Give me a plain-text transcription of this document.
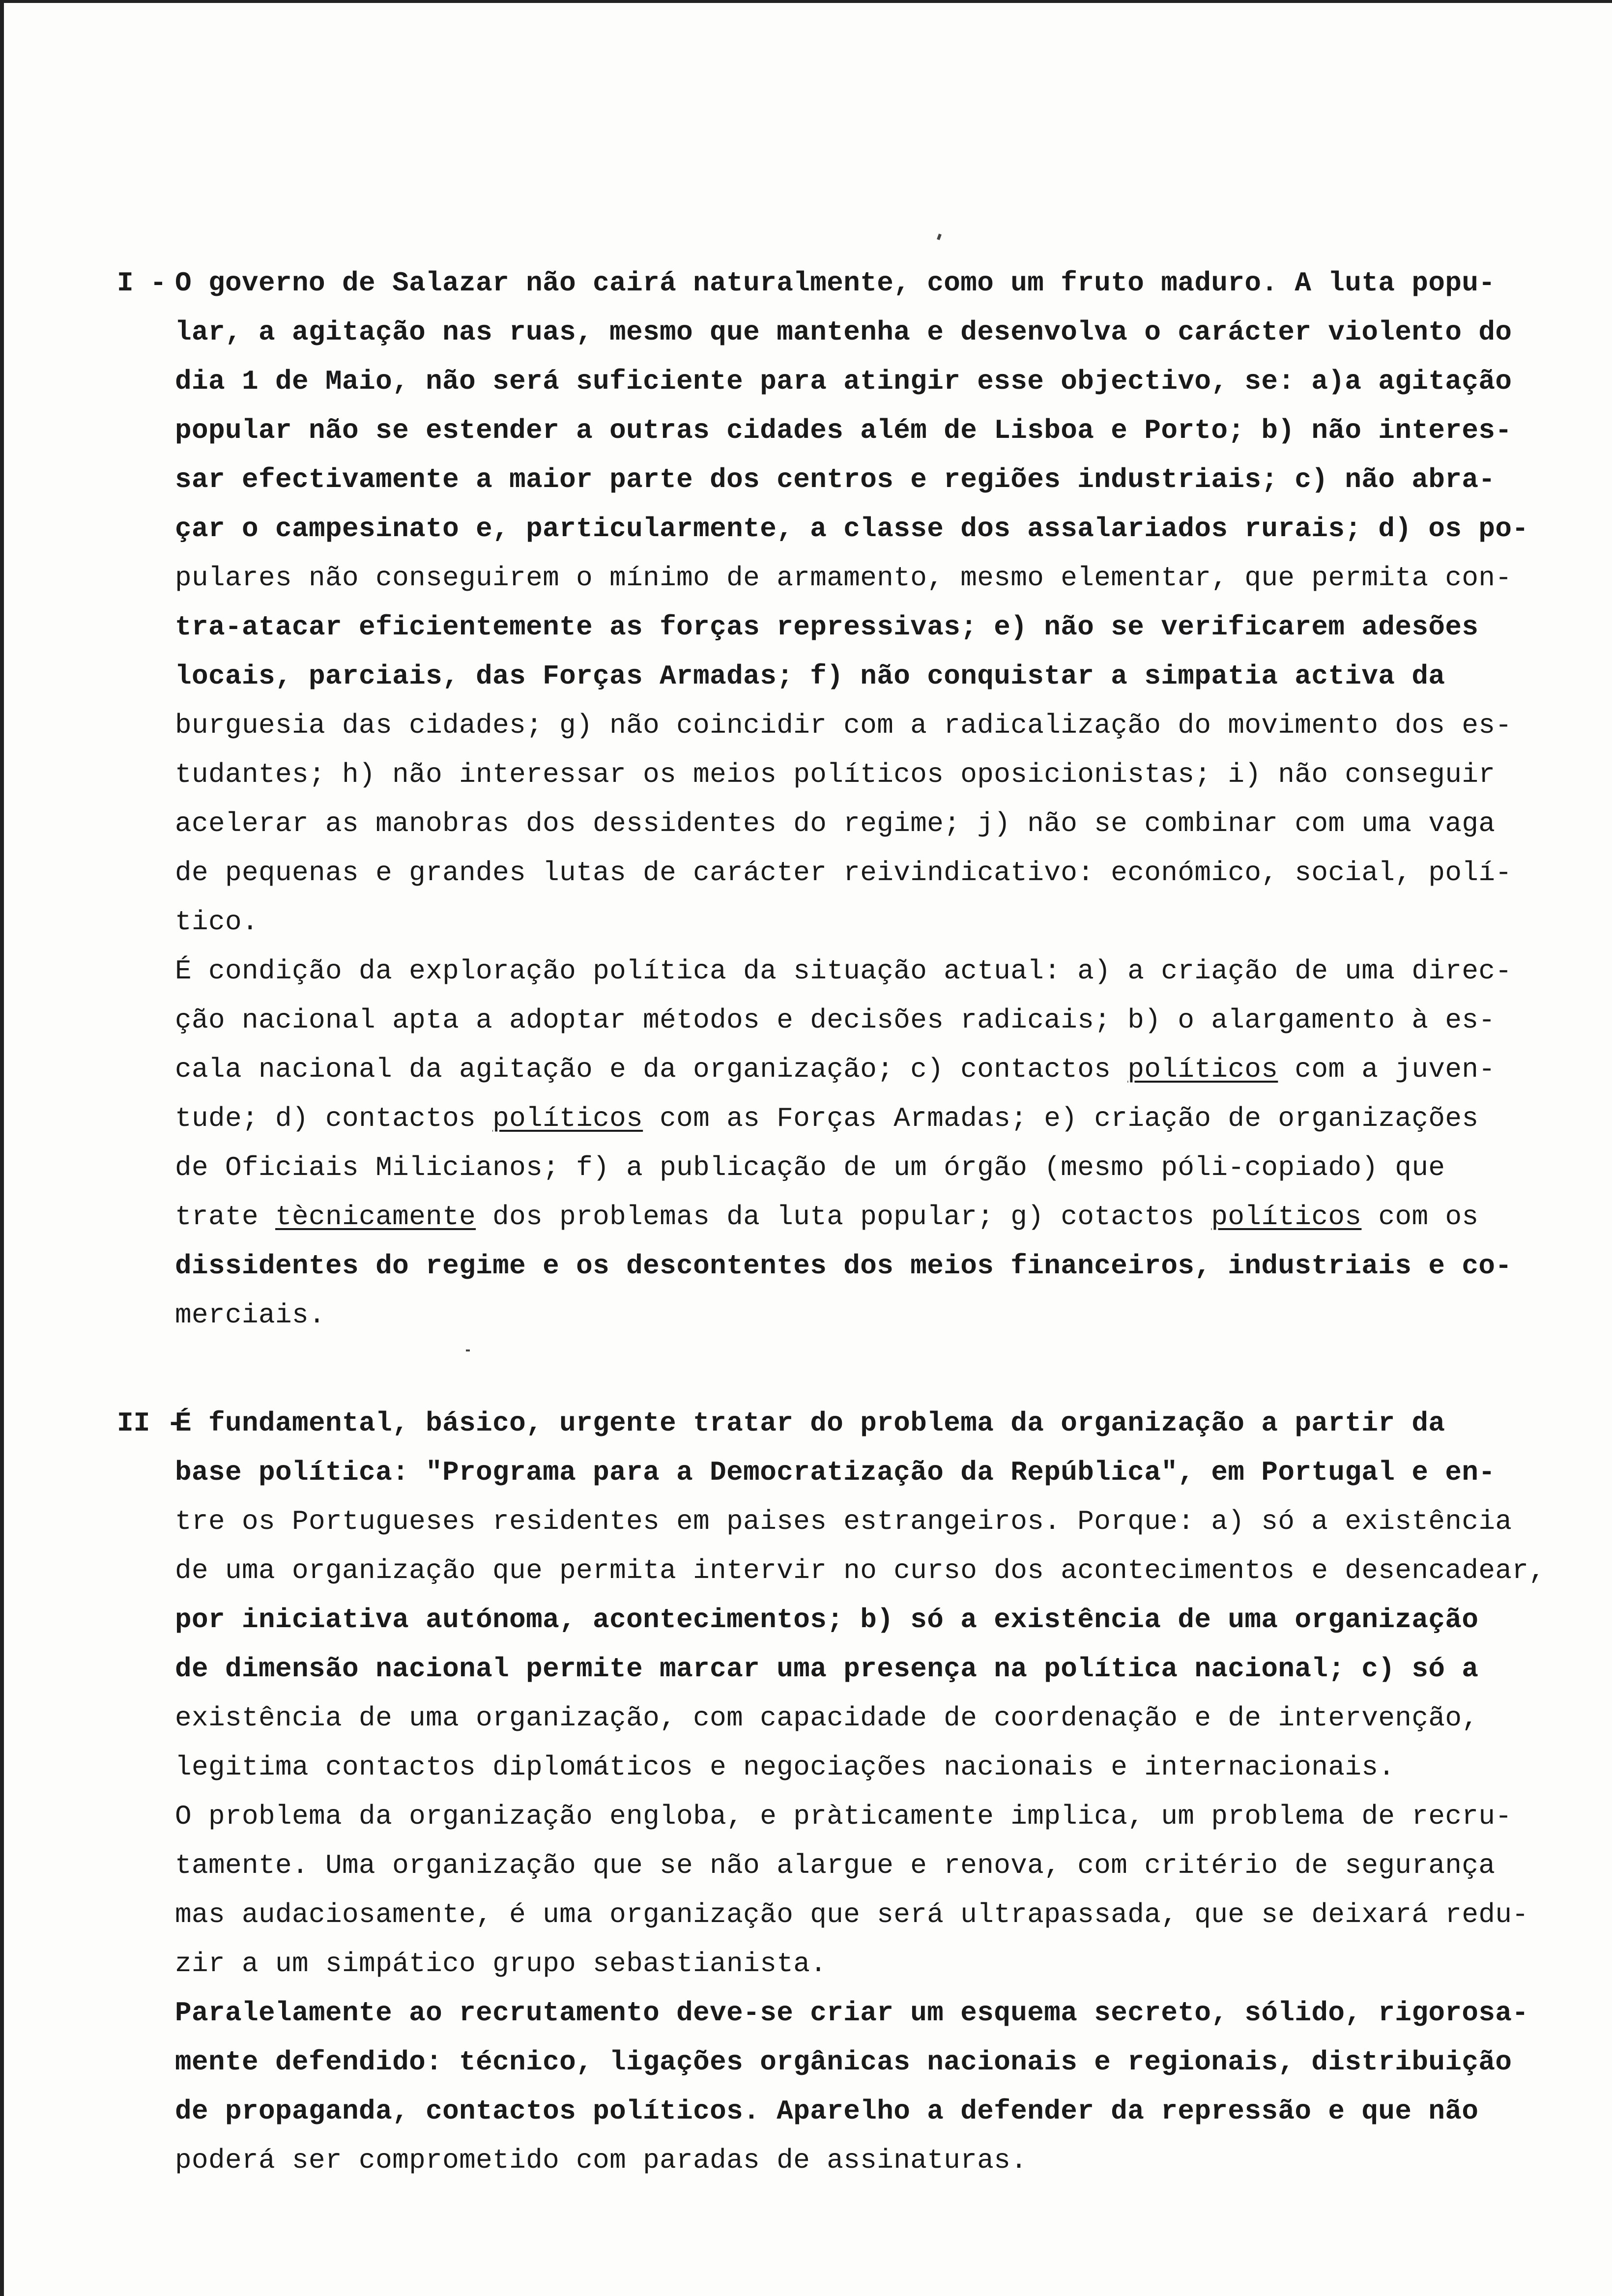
I - O governo de Salazar não cairá naturalmente, como um fruto maduro. A luta popu-
lar, a agitação nas ruas, mesmo que mantenha e desenvolva o carácter violento do
dia 1 de Maio, não será suficiente para atingir esse objectivo, se: a)a agitação
popular não se estender a outras cidades além de Lisboa e Porto; b) não interes-
sar efectivamente a maior parte dos centros e regiões industriais; c) não abra-
çar o campesinato e, particularmente, a classe dos assalariados rurais; d) os po-
pulares não conseguirem o mínimo de armamento, mesmo elementar, que permita con-
tra-atacar eficientemente as forças repressivas; e) não se verificarem adesões
locais, parciais, das Forças Armadas; f) não conquistar a simpatia activa da
burguesia das cidades; g) não coincidir com a radicalização do movimento dos es-
tudantes; h) não interessar os meios políticos oposicionistas; i) não conseguir
acelerar as manobras dos dessidentes do regime; j) não se combinar com uma vaga
de pequenas e grandes lutas de carácter reivindicativo: económico, social, polí-
tico.
É condição da exploração política da situação actual: a) a criação de uma direc-
ção nacional apta a adoptar métodos e decisões radicais; b) o alargamento à es-
cala nacional da agitação e da organização; c) contactos políticos com a juven-
tude; d) contactos políticos com as Forças Armadas; e) criação de organizações
de Oficiais Milicianos; f) a publicação de um órgão (mesmo póli-copiado) que
trate tècnicamente dos problemas da luta popular; g) cotactos políticos com os
dissidentes do regime e os descontentes dos meios financeiros, industriais e co-
merciais.
II -
É fundamental, básico, urgente tratar do problema da organização a partir da
base política: "Programa para a Democratização da República", em Portugal e en-
tre os Portugueses residentes em paises estrangeiros. Porque: a) só a existência
de uma organização que permita intervir no curso dos acontecimentos e desencadear,
por iniciativa autónoma, acontecimentos; b) só a existência de uma organização
de dimensão nacional permite marcar uma presença na política nacional; c) só a
existência de uma organização, com capacidade de coordenação e de intervenção,
legitima contactos diplomáticos e negociações nacionais e internacionais.
O problema da organização engloba, e pràticamente implica, um problema de recru-
tamente. Uma organização que se não alargue e renova, com critério de segurança
mas audaciosamente, é uma organização que será ultrapassada, que se deixará redu-
zir a um simpático grupo sebastianista.
Paralelamente ao recrutamento deve-se criar um esquema secreto, sólido, rigorosa-
mente defendido: técnico, ligações orgânicas nacionais e regionais, distribuição
de propaganda, contactos políticos. Aparelho a defender da repressão e que não
poderá ser comprometido com paradas de assinaturas.
